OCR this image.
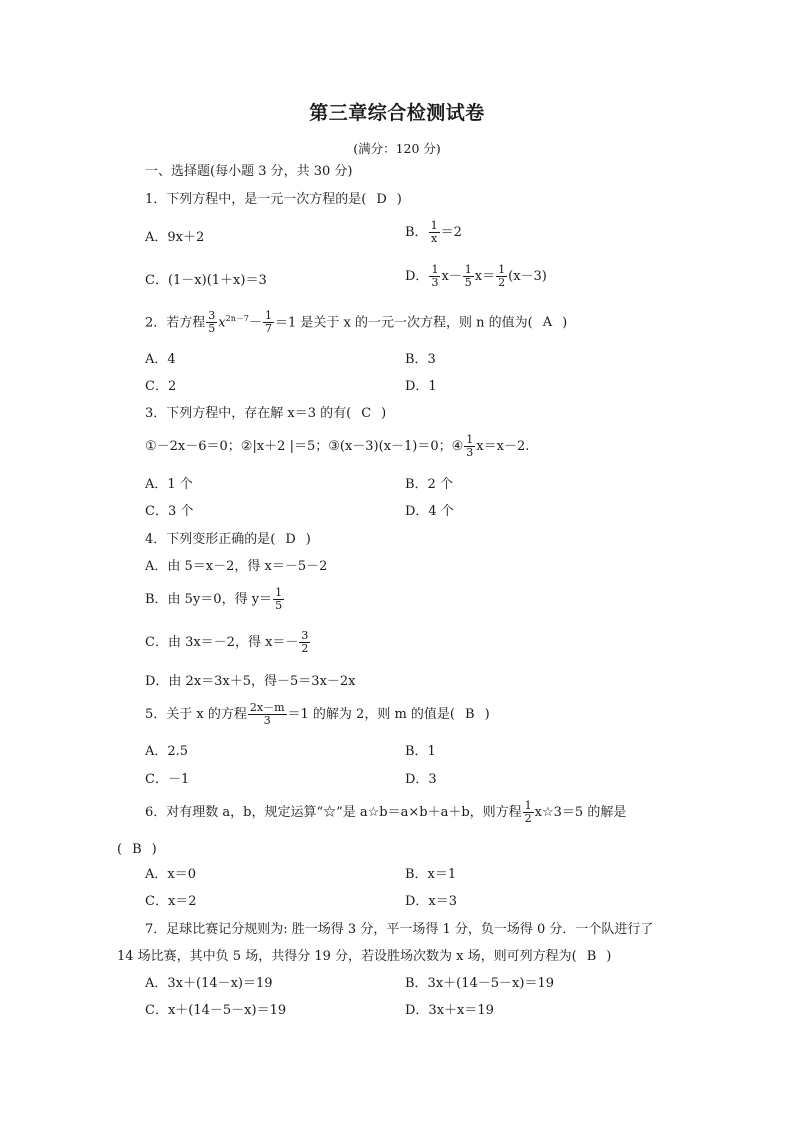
第三章综合检测试卷
(满分：120 分)
一、选择题(每小题 3 分，共 30 分)
1．下列方程中，是一元一次方程的是( D )
A．9x＋2	B． $\frac{1}{x} =2$
C．(1－x)(1＋x)＝3	D． $\frac{1}{3} x- \frac{1}{5} x= \frac{1}{2} (x-3)$
2．若方程 $\frac{3}{5} x^{2n-7}- \frac{1}{7} =1$ 是关于 x 的一元一次方程，则 n 的值为( A )
A．4	B．3
C．2	D．1
3．下列方程中，存在解 x＝3 的有( C )
①－2x－6＝0；②|x＋2 |＝5；③(x－3)(x－1)＝0；④ $\frac{1}{3} x=x-2$.
A．1 个	B．2 个
C．3 个	D．4 个
4．下列变形正确的是( D )
A．由 5＝x－2，得 x＝－5－2
B．由 5y＝0，得 $y= \frac{1}{5}$
C．由 3x＝－2，得 $x=- \frac{3}{2}$
D．由 2x＝3x＋5，得－5＝3x－2x
5．关于 x 的方程 $\frac{2x-m}{3} =1$ 的解为 2，则 m 的值是( B )
A．2.5	B．1
C．－1	D．3
6．对有理数 a，b，规定运算“☆”是 a☆b＝a×b＋a＋b，则方程 $\frac{1}{2}$ x☆3＝5 的解是
( B )
A．x＝0	B．x＝1
C．x＝2	D．x＝3
7．足球比赛记分规则为: 胜一场得 3 分，平一场得 1 分，负一场得 0 分．一个队进行了
14 场比赛，其中负 5 场，共得分 19 分，若设胜场次数为 x 场，则可列方程为( B )
A．3x＋(14－x)＝19	B．3x＋(14－5－x)＝19
C．x＋(14－5－x)＝19	D．3x＋x＝19
